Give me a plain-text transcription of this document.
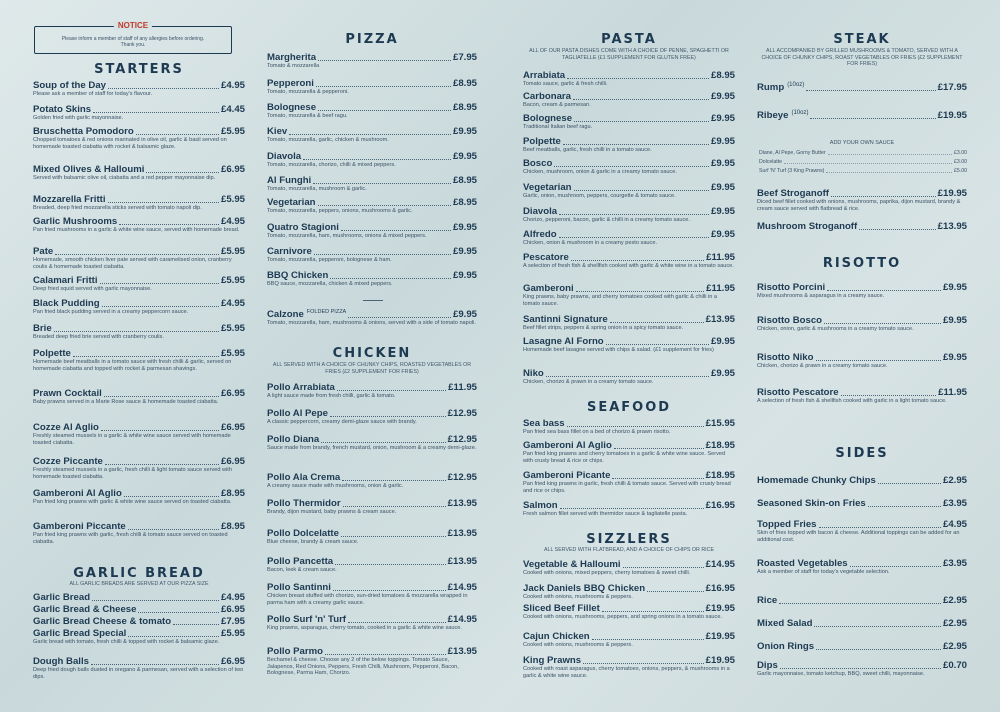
NOTICE
Please inform a member of staff of any allergies before ordering.
Thank you.
STARTERS
Soup of the Day	£4.95
Please ask a member of staff for today's flavour.
Potato Skins	£4.45
Golden fried with garlic mayonnaise.
Bruschetta Pomodoro	£5.95
Chopped tomatoes & red onions marinated in olive oil, garlic & basil served on homemade toasted ciabatta with rocket & balsamic glaze.
Mixed Olives & Halloumi	£6.95
Served with balsamic olive oil, ciabatta and a red pepper mayonnaise dip.
Mozzarella Fritti	£5.95
Breaded, deep fried mozzarella sticks served with tomato napoli dip.
Garlic Mushrooms	£4.95
Pan fried mushrooms in a garlic & white wine sauce, served with homemade bread.
Pate	£5.95
Homemade, smooth chicken liver pate served with caramelised onion, cranberry coulis & homemade toasted ciabatta.
Calamari Fritti	£5.95
Deep fried squid served with garlic mayonnaise.
Black Pudding	£4.95
Pan fried black pudding served in a creamy peppercorn sauce.
Brie	£5.95
Breaded deep fried brie served with cranberry coulis.
Polpette	£5.95
Homemade beef meatballs in a tomato sauce with fresh chilli & garlic, served on homemade ciabatta and topped with rocket & parmesan shavings.
Prawn Cocktail	£6.95
Baby prawns served in a Marie Rose sauce & homemade toasted ciabatta.
Cozze Al Aglio	£6.95
Freshly steamed mussels in a garlic & white wine sauce served with homemade toasted ciabatta.
Cozze Piccante	£6.95
Freshly steamed mussels in a garlic, fresh chilli & light tomato sauce served with homemade toasted ciabatta.
Gamberoni Al Aglio	£8.95
Pan fried king prawns with garlic & white wine sauce served on toasted ciabatta.
Gamberoni Piccante	£8.95
Pan fried king prawns with garlic, fresh chilli & tomato sauce served on toasted ciabatta.
GARLIC BREAD
ALL GARLIC BREADS ARE SERVED AT OUR PIZZA SIZE
Garlic Bread	£4.95
Garlic Bread & Cheese	£6.95
Garlic Bread Cheese & tomato	£7.95
Garlic Bread Special	£5.95
Garlic bread with tomato, fresh chilli & topped with rocket & balsamic glaze.
Dough Balls	£6.95
Deep fried dough balls dusted in oregano & parmesan, served with a selection of two dips.
PIZZA
Margherita	£7.95
Tomato & mozzarella
Pepperoni	£8.95
Tomato, mozzarella & pepperoni.
Bolognese	£8.95
Tomato, mozzarella & beef ragu.
Kiev	£9.95
Tomato, mozzarella, garlic, chicken & mushroom.
Diavola	£9.95
Tomato, mozzarella, chorizo, chilli & mixed peppers.
Al Funghi	£8.95
Tomato, mozzarella, mushroom & garlic.
Vegetarian	£8.95
Tomato, mozzarella, peppers, onions, mushrooms & garlic.
Quatro Stagioni	£9.95
Tomato, mozzarella, ham, mushrooms, onions & mixed peppers.
Carnivore	£9.95
Tomato, mozzarella, pepperoni, bolognese & ham.
BBQ Chicken	£9.95
BBQ sauce, mozzarella, chicken & mixed peppers.
Calzone FOLDED PIZZA	£9.95
Tomato, mozzarella, ham, mushrooms & onions, served with a side of tomato napoli.
CHICKEN
ALL SERVED WITH A CHOICE OF CHUNKY CHIPS, ROASTED VEGETABLES OR FRIES (£2 SUPPLEMENT FOR FRIES)
Pollo Arrabiata	£11.95
A light sauce made from fresh chilli, garlic & tomato.
Pollo Al Pepe	£12.95
A classic peppercorn, creamy demi-glaze sauce with brandy.
Pollo Diana	£12.95
Sauce made from brandy, french mustard, onion, mushroom & a creamy demi-glaze.
Pollo Ala Crema	£12.95
A creamy sauce made with mushrooms, onion & garlic.
Pollo Thermidor	£13.95
Brandy, dijon mustard, baby prawns & cream sauce.
Pollo Dolcelatte	£13.95
Blue cheese, brandy & cream sauce.
Pollo Pancetta	£13.95
Bacon, leek & cream sauce.
Pollo Santinni	£14.95
Chicken breast stuffed with chorizo, sun-dried tomatoes & mozzarella wrapped in parma ham with a creamy garlic sauce.
Pollo Surf 'n' Turf	£14.95
King prawns, asparagus, cherry tomato, cooked in a garlic & white wine sauce.
Pollo Parmo	£13.95
Bechamel & cheese. Choose any 2 of the below toppings. Tomato Sauce, Jalapenos, Red Onions, Peppers, Fresh Chilli, Mushroom, Pepperoni, Bacon, Bolognese, Parma Ham, Chorizo.
PASTA
ALL OF OUR PASTA DISHES COME WITH A CHOICE OF PENNE, SPAGHETTI OR TAGLIATELLE (£1 SUPPLEMENT FOR GLUTEN FREE)
Arrabiata	£8.95
Tomato sauce, garlic & fresh chilli.
Carbonara	£9.95
Bacon, cream & parmesan.
Bolognese	£9.95
Traditional Italian beef ragu.
Polpette	£9.95
Beef meatballs, garlic, fresh chilli in a tomato sauce.
Bosco	£9.95
Chicken, mushroom, onion & garlic in a creamy tomato sauce.
Vegetarian	£9.95
Garlic, onion, mushroom, peppers, courgette & tomato sauce.
Diavola	£9.95
Chorizo, pepperoni, bacon, garlic & chilli in a creamy tomato sauce.
Alfredo	£9.95
Chicken, onion & mushroom in a creamy pesto sauce.
Pescatore	£11.95
A selection of fresh fish & shellfish cooked with garlic & white wine in a tomato sauce.
Gamberoni	£11.95
King prawns, baby prawns, and cherry tomatoes cooked with garlic & chilli in a tomato sauce.
Santinni Signature	£13.95
Beef fillet strips, peppers & spring onion in a spicy tomato sauce.
Lasagne Al Forno	£9.95
Homemade beef lasagne served with chips & salad. (£1 supplement for fries)
Niko	£9.95
Chicken, chorizo & prawn in a creamy tomato sauce.
SEAFOOD
Sea bass	£15.95
Pan fried sea bass fillet on a bed of chorizo & prawn risotto.
Gamberoni Al Aglio	£18.95
Pan fried king prawns and cherry tomatoes in a garlic & white wine sauce. Served with crusty bread & rice or chips.
Gamberoni Picante	£18.95
Pan fried king prawns in garlic, fresh chilli & tomato sauce. Served with crusty bread and rice or chips.
Salmon	£16.95
Fresh salmon fillet served with thermidor sauce & tagliatelle pasta.
SIZZLERS
ALL SERVED WITH FLATBREAD, AND A CHOICE OF CHIPS OR RICE
Vegetable & Halloumi	£14.95
Cooked with onions, mixed peppers, cherry tomatoes & sweet chilli.
Jack Daniels BBQ Chicken	£16.95
Cooked with onions, mushrooms & peppers.
Sliced Beef Fillet	£19.95
Cooked with onions, mushrooms, peppers, and spring onions in a tomato sauce.
Cajun Chicken	£19.95
Cooked with onions, mushrooms & peppers.
King Prawns	£19.95
Cooked with roast asparagus, cherry tomatoes, onions, peppers, & mushrooms in a garlic & white wine sauce.
STEAK
ALL ACCOMPANIED BY GRILLED MUSHROOMS & TOMATO, SERVED WITH A CHOICE OF CHUNKY CHIPS, ROAST VEGETABLES OR FRIES (£2 SUPPLEMENT FOR FRIES)
Rump (10oz)	£17.95
Ribeye (10oz)	£19.95
ADD YOUR OWN SAUCE
Diane, Al Pepe, Gorny Butter	£3.00
Dolcelatte	£3.00
Surf 'N' Turf (3 King Prawns)	£5.00
Beef Stroganoff	£19.95
Diced beef fillet cooked with onions, mushrooms, paprika, dijon mustard, brandy & cream sauce served with flatbread & rice.
Mushroom Stroganoff	£13.95
RISOTTO
Risotto Porcini	£9.95
Mixed mushrooms & asparagus in a creamy sauce.
Risotto Bosco	£9.95
Chicken, onion, garlic & mushrooms in a creamy tomato sauce.
Risotto Niko	£9.95
Chicken, chorizo & prawn in a creamy tomato sauce.
Risotto Pescatore	£11.95
A selection of fresh fish & shellfish cooked with garlic in a light tomato sauce.
SIDES
Homemade Chunky Chips	£2.95
Seasoned Skin-on Fries	£3.95
Topped Fries	£4.95
Skin of fries topped with bacon & cheese. Additional toppings can be added for an additional cost.
Roasted Vegetables	£3.95
Ask a member of staff for today's vegetable selection.
Rice	£2.95
Mixed Salad	£2.95
Onion Rings	£2.95
Dips	£0.70
Garlic mayonnaise, tomato ketchup, BBQ, sweet chilli, mayonnaise.
